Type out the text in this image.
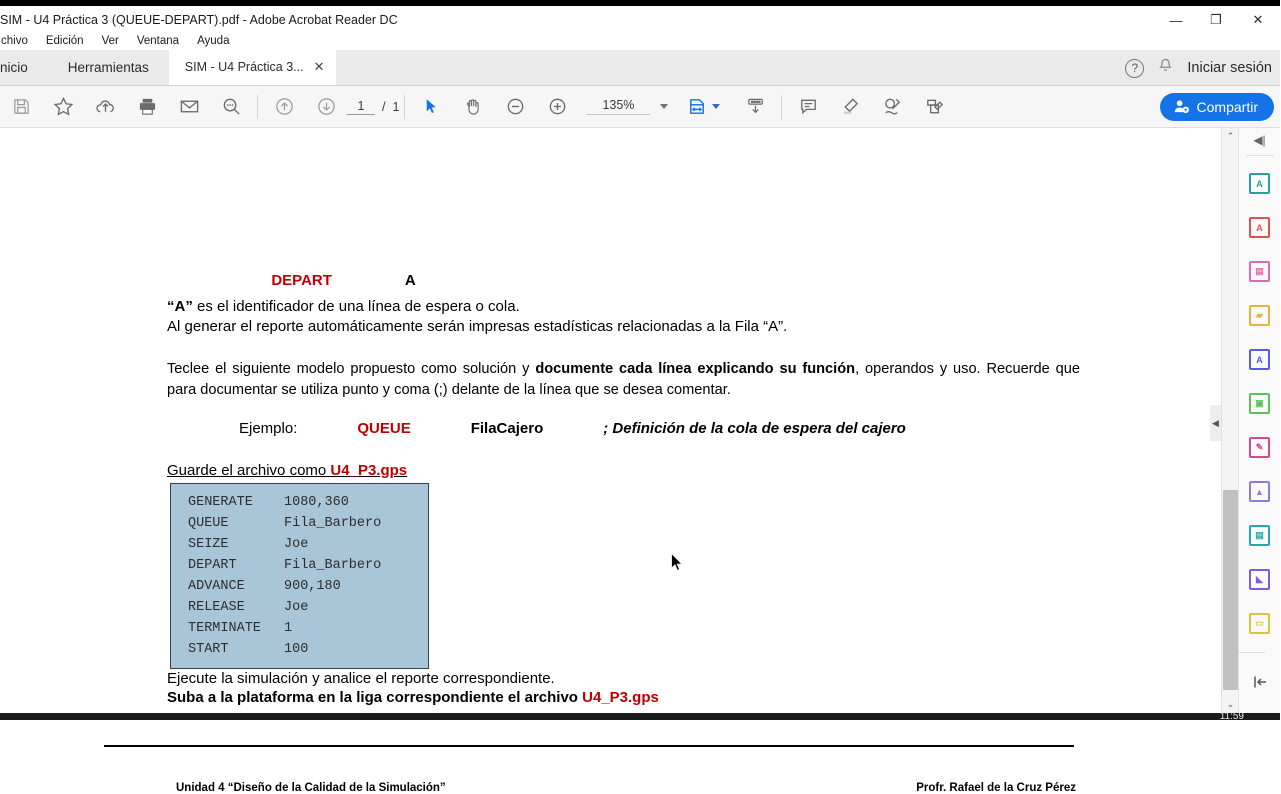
SIM - U4 Práctica 3 (QUEUE-DEPART).pdf - Adobe Acrobat Reader DC	—	❐	✕
chivo	Edición	Ver	Ventana	Ayuda
nicio	Herramientas	SIM - U4 Práctica 3... ✕	?	Iniciar sesión
1	/ 1	135%	Compartir

DEPART	A

“A” es el identificador de una línea de espera o cola.
Al generar el reporte automáticamente serán impresas estadísticas relacionadas a la Fila “A”.
Teclee el siguiente modelo propuesto como solución y documente cada línea explicando su función, operandos y uso. Recuerde que para documentar se utiliza punto y coma (;) delante de la línea que se desea comentar.
Ejemplo:	QUEUE	FilaCajero	; Definición de la cola de espera del cajero
Guarde el archivo como U4_P3.gps
GENERATE 1080,360
QUEUE	Fila_Barbero
SEIZE	Joe
DEPART	Fila_Barbero
ADVANCE	900,180
RELEASE	Joe
TERMINATE 1
START	100
Ejecute la simulación y analice el reporte correspondiente.
Suba a la plataforma en la liga correspondiente el archivo U4_P3.gps
Unidad 4 “Diseño de la Calidad de la Simulación”	Profr. Rafael de la Cruz Pérez
⌃
⌄
◀
◀|
A
A
▤
▰
A
▣
✎
▲
▤
◣
▭
11:59
